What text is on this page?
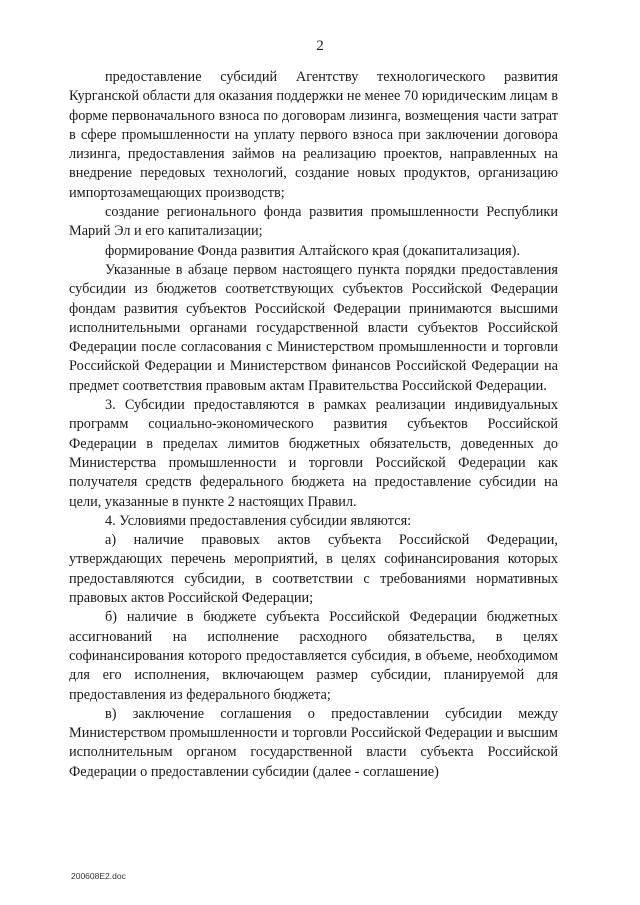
2

предоставление субсидий Агентству технологического развития Курганской области для оказания поддержки не менее 70 юридическим лицам в форме первоначального взноса по договорам лизинга, возмещения части затрат в сфере промышленности на уплату первого взноса при заключении договора лизинга, предоставления займов на реализацию проектов, направленных на внедрение передовых технологий, создание новых продуктов, организацию импортозамещающих производств;

создание регионального фонда развития промышленности Республики Марий Эл и его капитализации;

формирование Фонда развития Алтайского края (докапитализация).

Указанные в абзаце первом настоящего пункта порядки предоставления субсидии из бюджетов соответствующих субъектов Российской Федерации фондам развития субъектов Российской Федерации принимаются высшими исполнительными органами государственной власти субъектов Российской Федерации после согласования с Министерством промышленности и торговли Российской Федерации и Министерством финансов Российской Федерации на предмет соответствия правовым актам Правительства Российской Федерации.

3. Субсидии предоставляются в рамках реализации индивидуальных программ социально-экономического развития субъектов Российской Федерации в пределах лимитов бюджетных обязательств, доведенных до Министерства промышленности и торговли Российской Федерации как получателя средств федерального бюджета на предоставление субсидии на цели, указанные в пункте 2 настоящих Правил.

4. Условиями предоставления субсидии являются:

а) наличие правовых актов субъекта Российской Федерации, утверждающих перечень мероприятий, в целях софинансирования которых предоставляются субсидии, в соответствии с требованиями нормативных правовых актов Российской Федерации;

б) наличие в бюджете субъекта Российской Федерации бюджетных ассигнований на исполнение расходного обязательства, в целях софинансирования которого предоставляется субсидия, в объеме, необходимом для его исполнения, включающем размер субсидии, планируемой для предоставления из федерального бюджета;

в) заключение соглашения о предоставлении субсидии между Министерством промышленности и торговли Российской Федерации и высшим исполнительным органом государственной власти субъекта Российской Федерации о предоставлении субсидии (далее - соглашение)

200608E2.doc
